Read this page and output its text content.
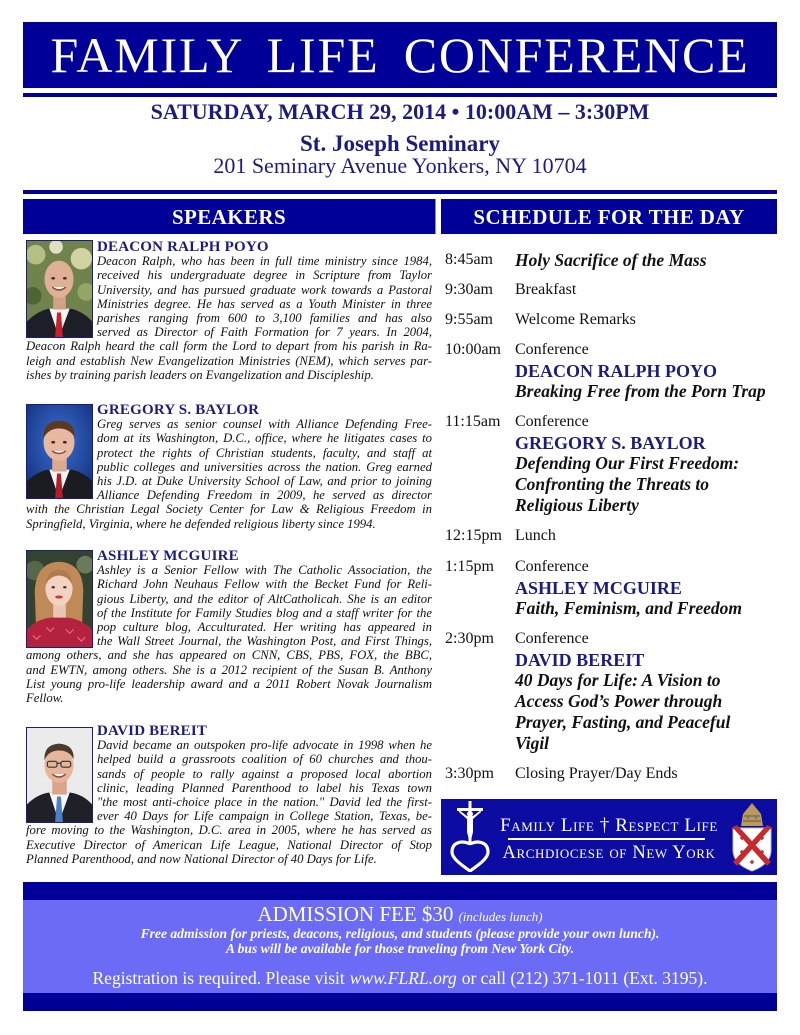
FAMILY LIFE CONFERENCE
SATURDAY, MARCH 29, 2014 • 10:00AM – 3:30PM
St. Joseph Seminary
201 Seminary Avenue Yonkers, NY 10704
SPEAKERS	SCHEDULE FOR THE DAY
DEACON RALPH POYO
Deacon Ralph, who has been in full time ministry since 1984,
received his undergraduate degree in Scripture from Taylor
University, and has pursued graduate work towards a Pastoral
Ministries degree. He has served as a Youth Minister in three
parishes ranging from 600 to 3,100 families and has also
served as Director of Faith Formation for 7 years. In 2004,
Deacon Ralph heard the call form the Lord to depart from his parish in Ra-
leigh and establish New Evangelization Ministries (NEM), which serves par-
ishes by training parish leaders on Evangelization and Discipleship.
GREGORY S. BAYLOR
Greg serves as senior counsel with Alliance Defending Free-
dom at its Washington, D.C., office, where he litigates cases to
protect the rights of Christian students, faculty, and staff at
public colleges and universities across the nation. Greg earned
his J.D. at Duke University School of Law, and prior to joining
Alliance Defending Freedom in 2009, he served as director
with the Christian Legal Society Center for Law & Religious Freedom in
Springfield, Virginia, where he defended religious liberty since 1994.
ASHLEY MCGUIRE
Ashley is a Senior Fellow with The Catholic Association, the
Richard John Neuhaus Fellow with the Becket Fund for Reli-
gious Liberty, and the editor of AltCatholicah. She is an editor
of the Institute for Family Studies blog and a staff writer for the
pop culture blog, Acculturated. Her writing has appeared in
the Wall Street Journal, the Washington Post, and First Things,
among others, and she has appeared on CNN, CBS, PBS, FOX, the BBC,
and EWTN, among others. She is a 2012 recipient of the Susan B. Anthony
List young pro-life leadership award and a 2011 Robert Novak Journalism
Fellow.
DAVID BEREIT
David became an outspoken pro-life advocate in 1998 when he
helped build a grassroots coalition of 60 churches and thou-
sands of people to rally against a proposed local abortion
clinic, leading Planned Parenthood to label his Texas town
"the most anti-choice place in the nation." David led the first-
ever 40 Days for Life campaign in College Station, Texas, be-
fore moving to the Washington, D.C. area in 2005, where he has served as
Executive Director of American Life League, National Director of Stop
Planned Parenthood, and now National Director of 40 Days for Life.
8:45am	Holy Sacrifice of the Mass
9:30am	Breakfast
9:55am	Welcome Remarks
10:00am Conference
DEACON RALPH POYO
Breaking Free from the Porn Trap
11:15am Conference
GREGORY S. BAYLOR
Defending Our First Freedom:
Confronting the Threats to
Religious Liberty
12:15pm Lunch
1:15pm	Conference
ASHLEY MCGUIRE
Faith, Feminism, and Freedom
2:30pm	Conference
DAVID BEREIT
40 Days for Life: A Vision to
Access God’s Power through
Prayer, Fasting, and Peaceful
Vigil
3:30pm	Closing Prayer/Day Ends
Family Life † Respect Life
Archdiocese of New York
ADMISSION FEE $30 (includes lunch)
Free admission for priests, deacons, religious, and students (please provide your own lunch).
A bus will be available for those traveling from New York City.
Registration is required. Please visit www.FLRL.org or call (212) 371-1011 (Ext. 3195).
